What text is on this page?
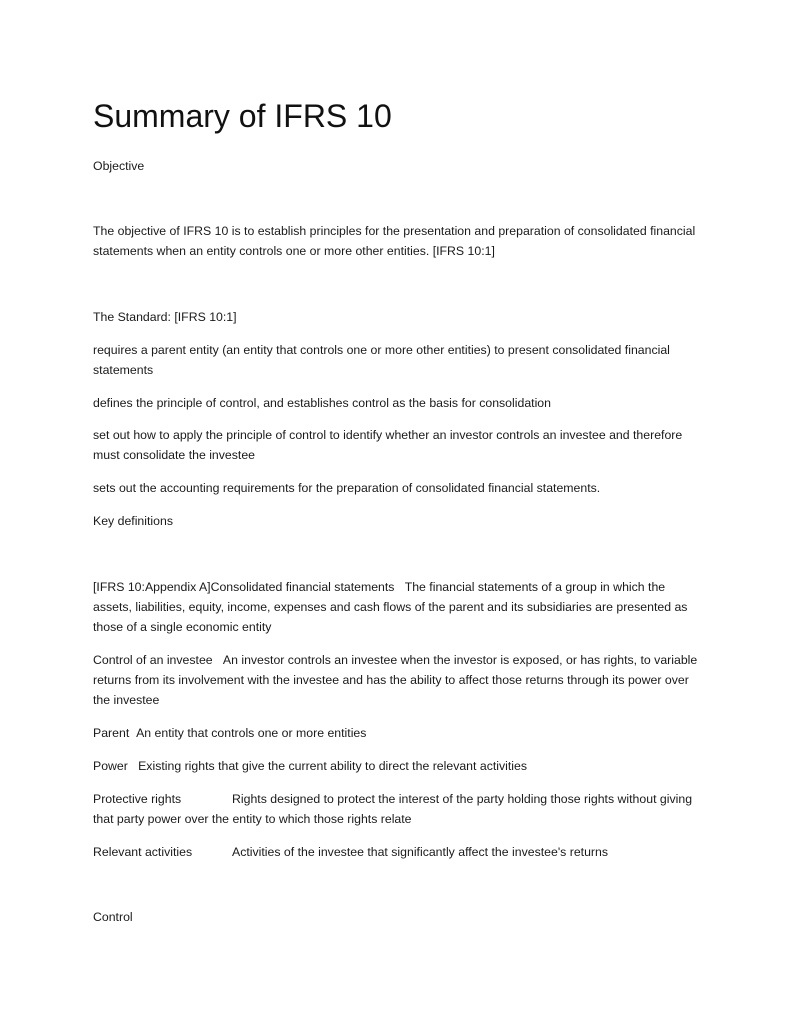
Summary of IFRS 10

Objective

The objective of IFRS 10 is to establish principles for the presentation and preparation of consolidated financial statements when an entity controls one or more other entities. [IFRS 10:1]

The Standard: [IFRS 10:1]

requires a parent entity (an entity that controls one or more other entities) to present consolidated financial statements

defines the principle of control, and establishes control as the basis for consolidation

set out how to apply the principle of control to identify whether an investor controls an investee and therefore must consolidate the investee

sets out the accounting requirements for the preparation of consolidated financial statements.

Key definitions

[IFRS 10:Appendix A]Consolidated financial statements The financial statements of a group in which the assets, liabilities, equity, income, expenses and cash flows of the parent and its subsidiaries are presented as those of a single economic entity

Control of an investee An investor controls an investee when the investor is exposed, or has rights, to variable returns from its involvement with the investee and has the ability to affect those returns through its power over the investee

Parent An entity that controls one or more entities

Power Existing rights that give the current ability to direct the relevant activities

Protective rights	Rights designed to protect the interest of the party holding those rights without giving that party power over the entity to which those rights relate

Relevant activities	Activities of the investee that significantly affect the investee's returns

Control
